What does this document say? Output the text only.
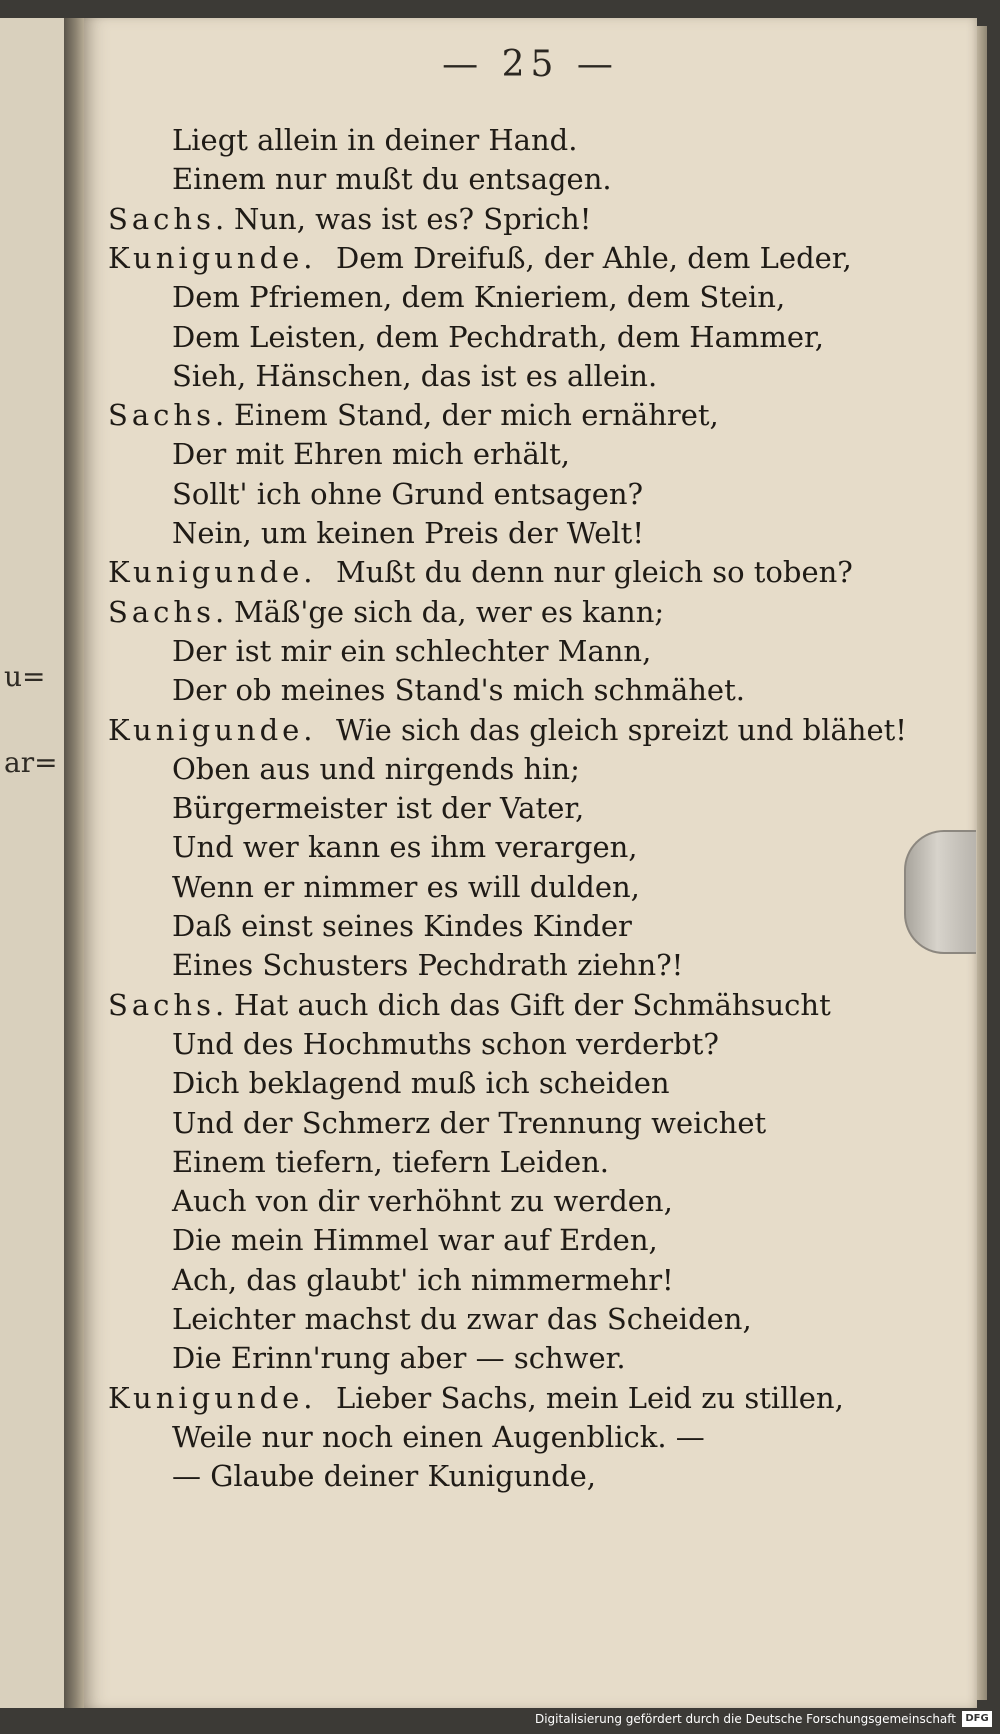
u=
ar=
— 25 —
Liegt allein in deiner Hand.
Einem nur mußt du entsagen.
Sachs. Nun, was ist es? Sprich!
Kunigunde. Dem Dreifuß, der Ahle, dem Leder,
Dem Pfriemen, dem Knieriem, dem Stein,
Dem Leisten, dem Pechdrath, dem Hammer,
Sieh, Hänschen, das ist es allein.
Sachs. Einem Stand, der mich ernähret,
Der mit Ehren mich erhält,
Sollt' ich ohne Grund entsagen?
Nein, um keinen Preis der Welt!
Kunigunde. Mußt du denn nur gleich so toben?
Sachs. Mäß'ge sich da, wer es kann;
Der ist mir ein schlechter Mann,
Der ob meines Stand's mich schmähet.
Kunigunde. Wie sich das gleich spreizt und blähet!
Oben aus und nirgends hin;
Bürgermeister ist der Vater,
Und wer kann es ihm verargen,
Wenn er nimmer es will dulden,
Daß einst seines Kindes Kinder
Eines Schusters Pechdrath ziehn?!
Sachs. Hat auch dich das Gift der Schmähsucht
Und des Hochmuths schon verderbt?
Dich beklagend muß ich scheiden
Und der Schmerz der Trennung weichet
Einem tiefern, tiefern Leiden.
Auch von dir verhöhnt zu werden,
Die mein Himmel war auf Erden,
Ach, das glaubt' ich nimmermehr!
Leichter machst du zwar das Scheiden,
Die Erinn'rung aber — schwer.
Kunigunde. Lieber Sachs, mein Leid zu stillen,
Weile nur noch einen Augenblick. —
— Glaube deiner Kunigunde,
Digitalisierung gefördert durch die Deutsche Forschungsgemeinschaft DFG
